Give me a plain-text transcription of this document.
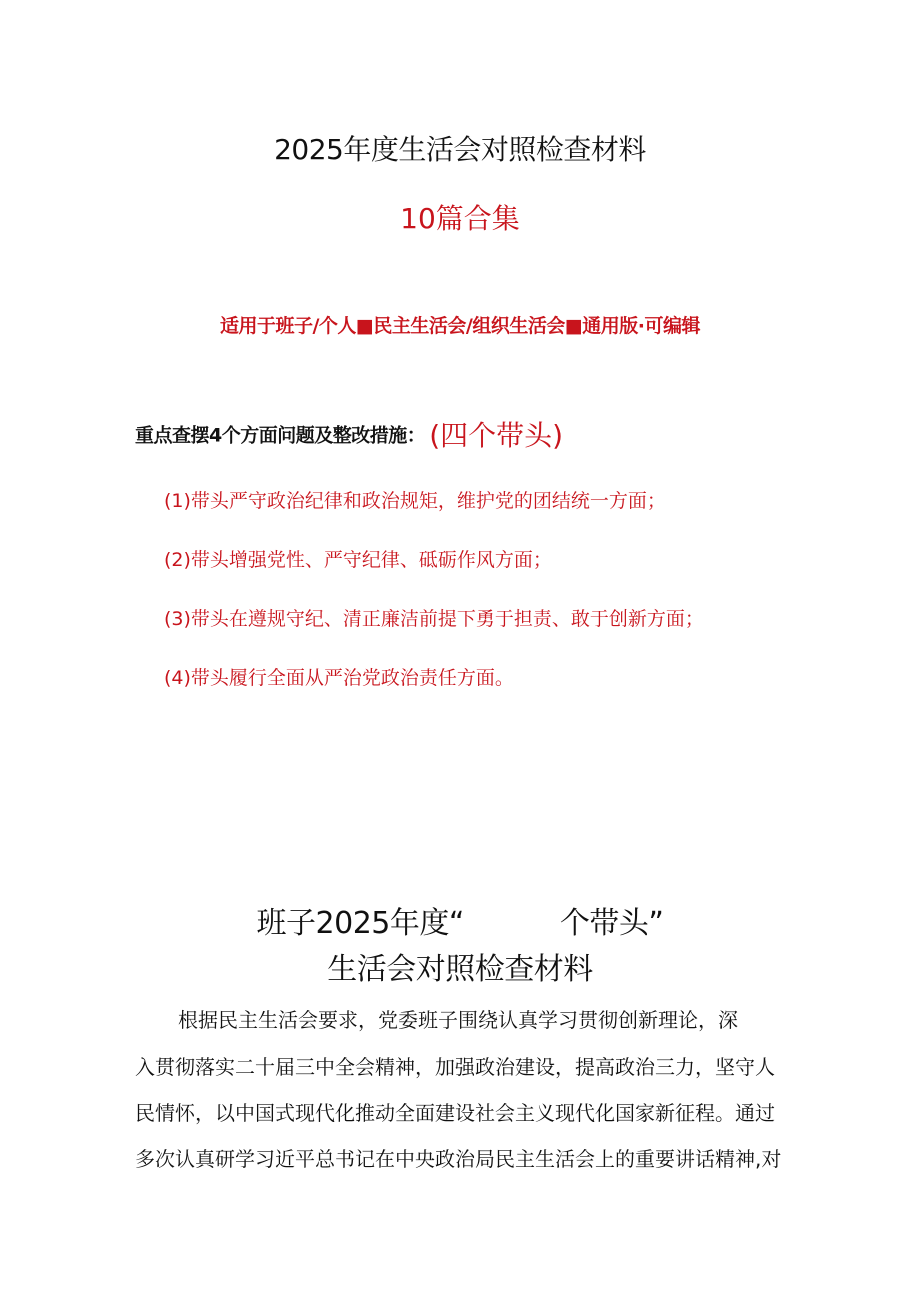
2025年度生活会对照检查材料
10篇合集
适用于班子/个人■民主生活会/组织生活会■通用版·可编辑
重点查摆4个方面问题及整改措施： (四个带头)
(1)带头严守政治纪律和政治规矩，维护党的团结统一方面；
(2)带头增强党性、严守纪律、砥砺作风方面；
(3)带头在遵规守纪、清正廉洁前提下勇于担责、敢于创新方面；
(4)带头履行全面从严治党政治责任方面。
班子2025年度“	个带头”
生活会对照检查材料
根据民主生活会要求，党委班子围绕认真学习贯彻创新理论，深
入贯彻落实二十届三中全会精神，加强政治建设，提高政治三力，坚守人
民情怀，以中国式现代化推动全面建设社会主义现代化国家新征程。通过
多次认真研学习近平总书记在中央政治局民主生活会上的重要讲话精神,对
